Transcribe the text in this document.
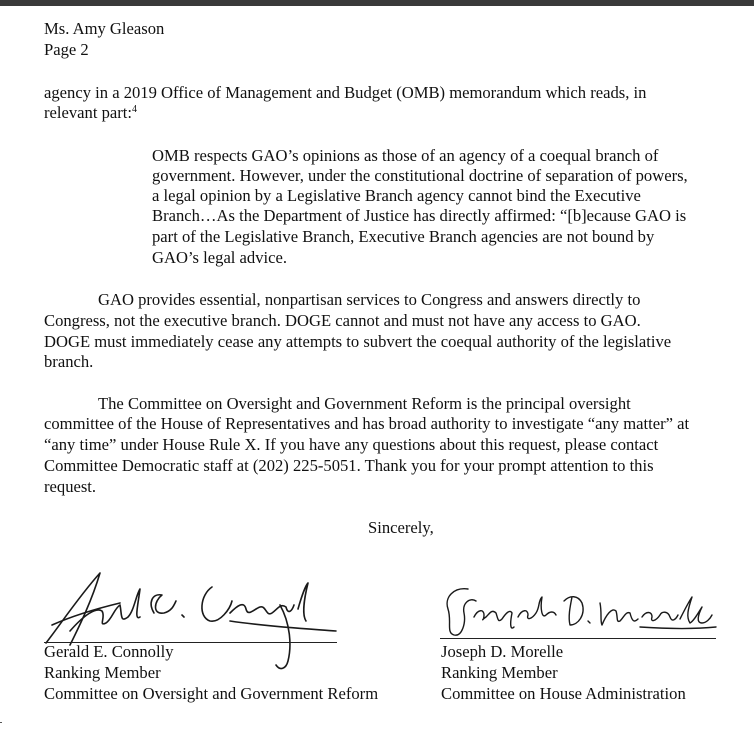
Ms. Amy Gleason
Page 2
agency in a 2019 Office of Management and Budget (OMB) memorandum which reads, in
relevant part:$^4$
OMB respects GAO’s opinions as those of an agency of a coequal branch of
government. However, under the constitutional doctrine of separation of powers,
a legal opinion by a Legislative Branch agency cannot bind the Executive
Branch…As the Department of Justice has directly affirmed: “[b]ecause GAO is
part of the Legislative Branch, Executive Branch agencies are not bound by
GAO’s legal advice.
GAO provides essential, nonpartisan services to Congress and answers directly to
Congress, not the executive branch. DOGE cannot and must not have any access to GAO.
DOGE must immediately cease any attempts to subvert the coequal authority of the legislative
branch.
The Committee on Oversight and Government Reform is the principal oversight
committee of the House of Representatives and has broad authority to investigate “any matter” at
“any time” under House Rule X. If you have any questions about this request, please contact
Committee Democratic staff at (202) 225-5051. Thank you for your prompt attention to this
request.
Sincerely,
Gerald E. Connolly
Ranking Member
Committee on Oversight and Government Reform
Joseph D. Morelle
Ranking Member
Committee on House Administration
